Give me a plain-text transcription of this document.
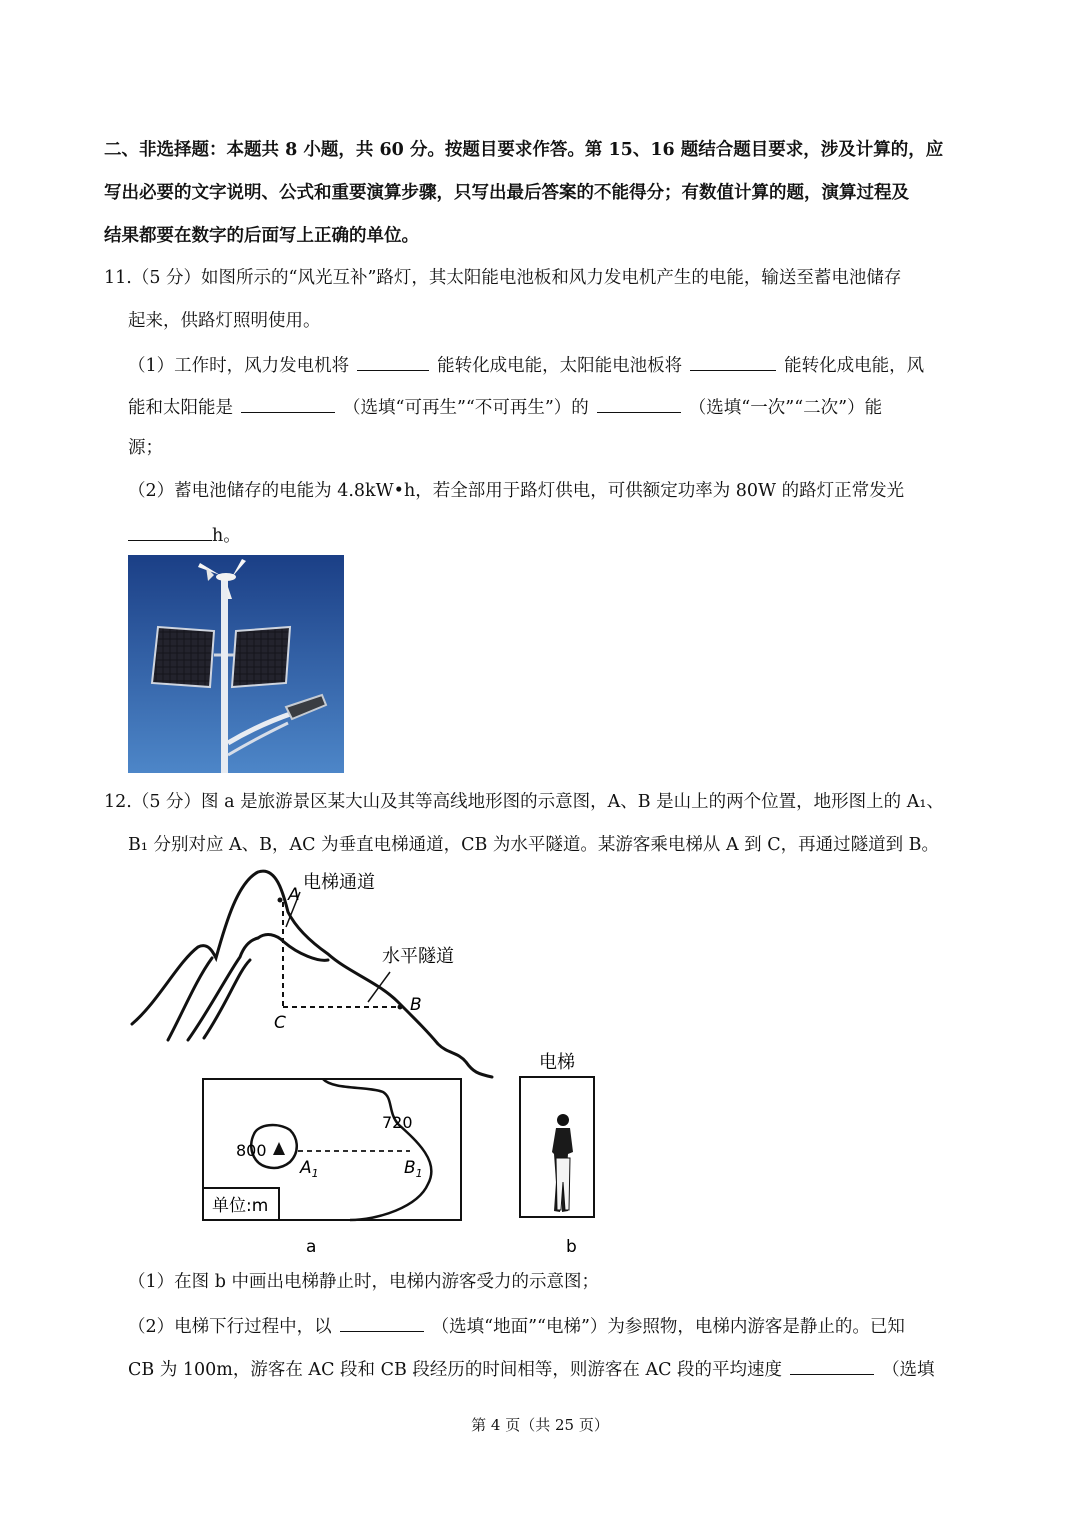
二、非选择题：本题共 8 小题，共 60 分。按题目要求作答。第 15、16 题结合题目要求，涉及计算的，应
写出必要的文字说明、公式和重要演算步骤，只写出最后答案的不能得分；有数值计算的题，演算过程及
结果都要在数字的后面写上正确的单位。
11.（5 分）如图所示的“风光互补”路灯，其太阳能电池板和风力发电机产生的电能，输送至蓄电池储存
起来，供路灯照明使用。
（1）工作时，风力发电机将	能转化成电能，太阳能电池板将	能转化成电能，风
能和太阳能是	（选填“可再生”“不可再生”）的	（选填“一次”“二次”）能
源；
（2）蓄电池储存的电能为 4.8kW•h，若全部用于路灯供电，可供额定功率为 80W 的路灯正常发光
h。
12.（5 分）图 a 是旅游景区某大山及其等高线地形图的示意图，A、B 是山上的两个位置，地形图上的 A₁、
B₁ 分别对应 A、B，AC 为垂直电梯通道，CB 为水平隧道。某游客乘电梯从 A 到 C，再通过隧道到 B。
电梯通道
A
水平隧道
B
C
800
720
$A_1$	$B_1$
单位:m
电梯
a	b
（1）在图 b 中画出电梯静止时，电梯内游客受力的示意图；
（2）电梯下行过程中，以	（选填“地面”“电梯”）为参照物，电梯内游客是静止的。已知
CB 为 100m，游客在 AC 段和 CB 段经历的时间相等，则游客在 AC 段的平均速度	（选填
第 4 页（共 25 页）
